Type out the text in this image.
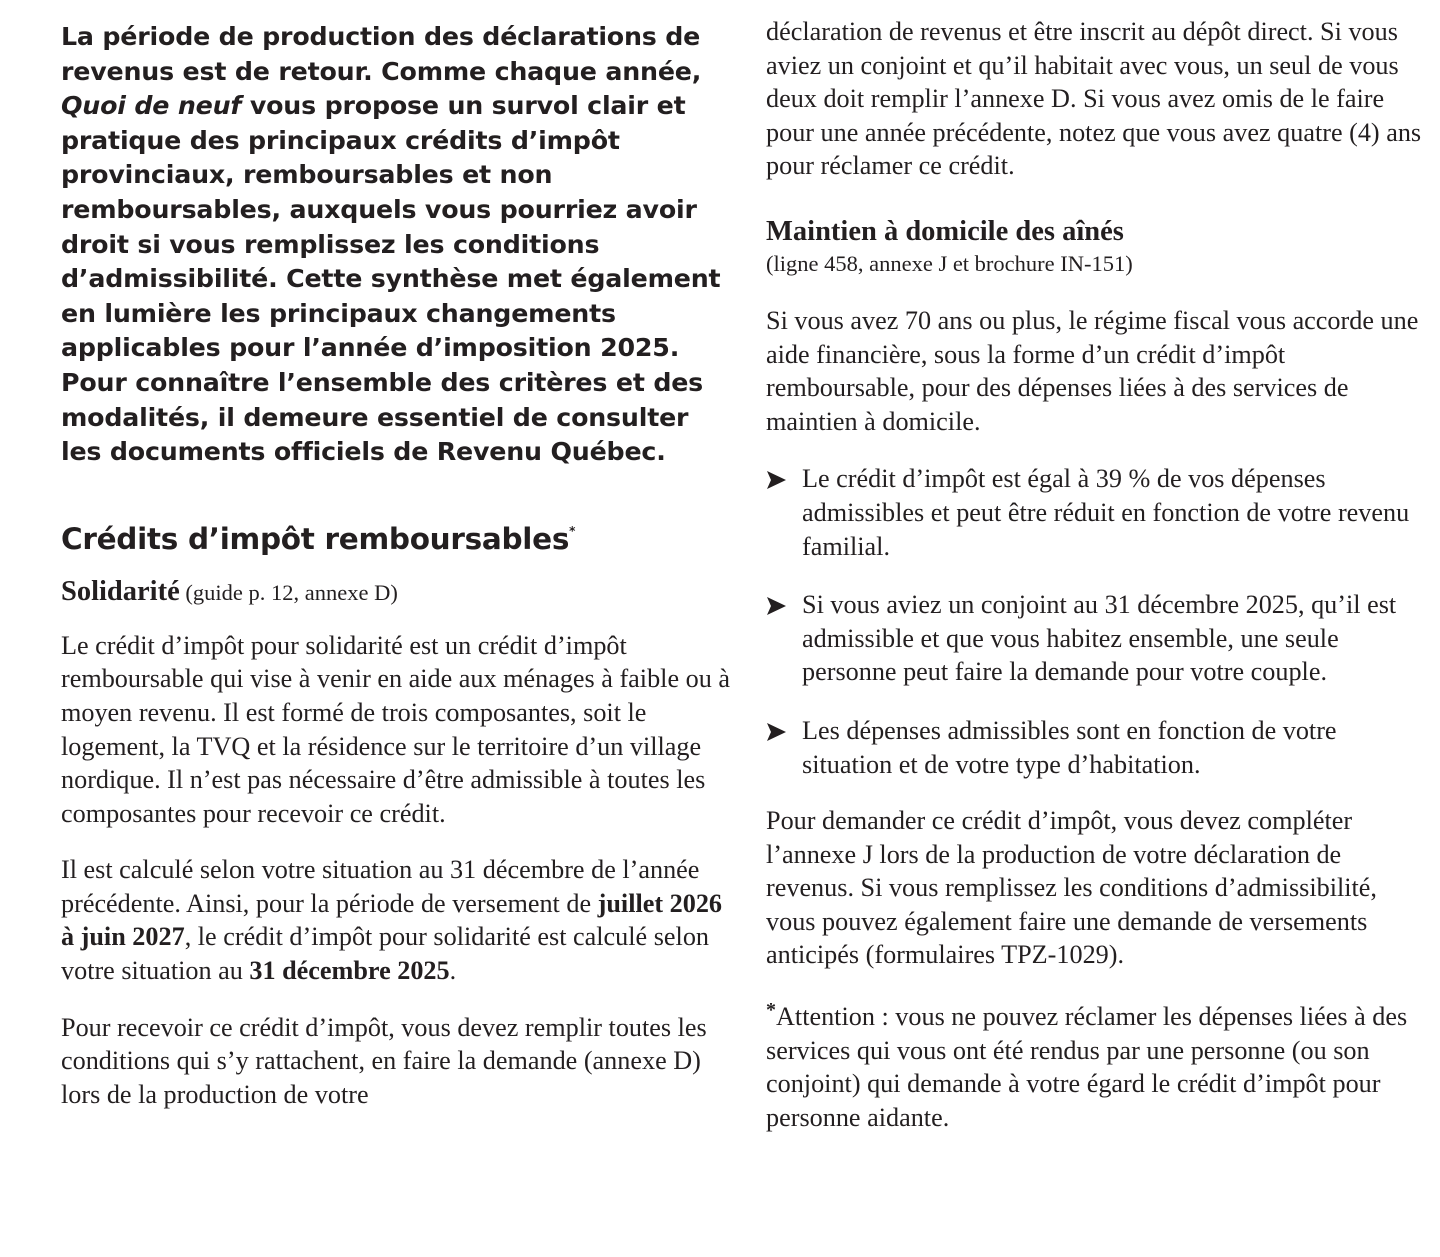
La période de production des déclarations de revenus est de retour. Comme chaque année, Quoi de neuf vous propose un survol clair et pratique des principaux crédits d’impôt provinciaux, remboursables et non remboursables, auxquels vous pourriez avoir droit si vous remplissez les conditions d’admissibilité. Cette synthèse met également en lumière les principaux changements applicables pour l’année d’imposition 2025. Pour connaître l’ensemble des critères et des modalités, il demeure essentiel de consulter les documents officiels de Revenu Québec.

Crédits d’impôt remboursables*
Solidarité (guide p. 12, annexe D)

Le crédit d’impôt pour solidarité est un crédit d’impôt remboursable qui vise à venir en aide aux ménages à faible ou à moyen revenu. Il est formé de trois composantes, soit le logement, la TVQ et la résidence sur le territoire d’un village nordique. Il n’est pas nécessaire d’être admissible à toutes les composantes pour recevoir ce crédit.

Il est calculé selon votre situation au 31 décembre de l’année précédente. Ainsi, pour la période de versement de juillet 2026 à juin 2027, le crédit d’impôt pour solidarité est calculé selon votre situation au 31 décembre 2025.

Pour recevoir ce crédit d’impôt, vous devez remplir toutes les conditions qui s’y rattachent, en faire la demande (annexe D) lors de la production de votre

déclaration de revenus et être inscrit au dépôt direct. Si vous aviez un conjoint et qu’il habitait avec vous, un seul de vous deux doit remplir l’annexe D. Si vous avez omis de le faire pour une année précédente, notez que vous avez quatre (4) ans pour réclamer ce crédit.

Maintien à domicile des aînés
(ligne 458, annexe J et brochure IN-151)

Si vous avez 70 ans ou plus, le régime fiscal vous accorde une aide financière, sous la forme d’un crédit d’impôt remboursable, pour des dépenses liées à des services de maintien à domicile.

Le crédit d’impôt est égal à 39 % de vos dépenses admissibles et peut être réduit en fonction de votre revenu familial.
Si vous aviez un conjoint au 31 décembre 2025, qu’il est admissible et que vous habitez ensemble, une seule personne peut faire la demande pour votre couple.
Les dépenses admissibles sont en fonction de votre situation et de votre type d’habitation.

Pour demander ce crédit d’impôt, vous devez compléter l’annexe J lors de la production de votre déclaration de revenus. Si vous remplissez les conditions d’admissibilité, vous pouvez également faire une demande de versements anticipés (formulaires TPZ-1029).

*Attention : vous ne pouvez réclamer les dépenses liées à des services qui vous ont été rendus par une personne (ou son conjoint) qui demande à votre égard le crédit d’impôt pour personne aidante.
